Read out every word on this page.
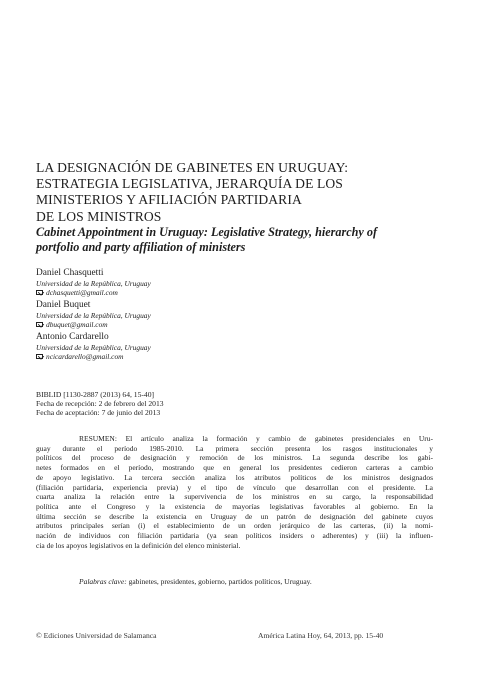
LA DESIGNACIÓN DE GABINETES EN URUGUAY:
ESTRATEGIA LEGISLATIVA, JERARQUÍA DE LOS
MINISTERIOS Y AFILIACIÓN PARTIDARIA
DE LOS MINISTROS
Cabinet Appointment in Uruguay: Legislative Strategy, hierarchy of
portfolio and party affiliation of ministers
Daniel Chasquetti
Universidad de la República, Uruguay
dchasquetti@gmail.com
Daniel Buquet
Universidad de la República, Uruguay
dbuquet@gmail.com
Antonio Cardarello
Universidad de la República, Uruguay
ncicardarello@gmail.com
BIBLID [1130-2887 (2013) 64, 15-40]
Fecha de recepción: 2 de febrero del 2013
Fecha de aceptación: 7 de junio del 2013
RESUMEN: El artículo analiza la formación y cambio de gabinetes presidenciales en Uru-
guay durante el período 1985-2010. La primera sección presenta los rasgos institucionales y
políticos del proceso de designación y remoción de los ministros. La segunda describe los gabi-
netes formados en el período, mostrando que en general los presidentes cedieron carteras a cambio
de apoyo legislativo. La tercera sección analiza los atributos políticos de los ministros designados
(filiación partidaria, experiencia previa) y el tipo de vínculo que desarrollan con el presidente. La
cuarta analiza la relación entre la supervivencia de los ministros en su cargo, la responsabilidad
política ante el Congreso y la existencia de mayorías legislativas favorables al gobierno. En la
última sección se describe la existencia en Uruguay de un patrón de designación del gabinete cuyos
atributos principales serían (i) el establecimiento de un orden jerárquico de las carteras, (ii) la nomi-
nación de individuos con filiación partidaria (ya sean políticos insiders o adherentes) y (iii) la influen-
cia de los apoyos legislativos en la definición del elenco ministerial.
Palabras clave: gabinetes, presidentes, gobierno, partidos políticos, Uruguay.
© Ediciones Universidad de Salamanca	América Latina Hoy, 64, 2013, pp. 15-40
